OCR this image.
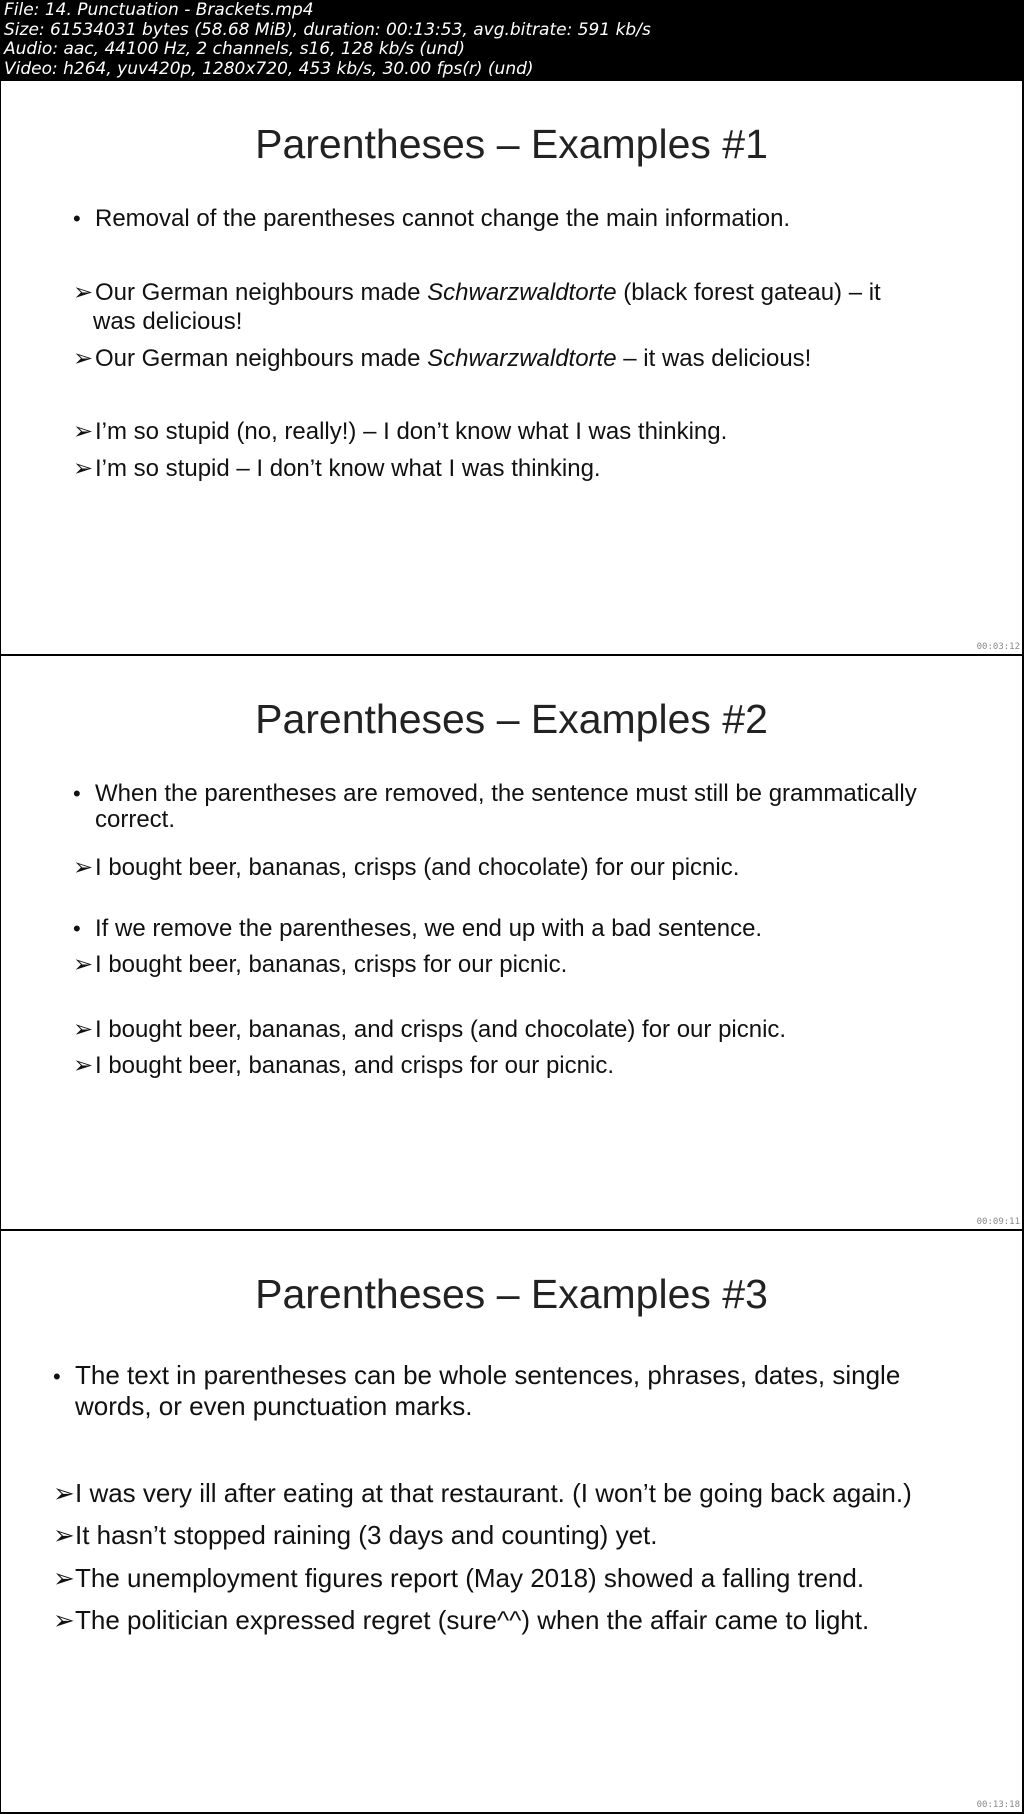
File: 14. Punctuation - Brackets.mp4
Size: 61534031 bytes (58.68 MiB), duration: 00:13:53, avg.bitrate: 591 kb/s
Audio: aac, 44100 Hz, 2 channels, s16, 128 kb/s (und)
Video: h264, yuv420p, 1280x720, 453 kb/s, 30.00 fps(r) (und)
Parentheses – Examples #1
• Removal of the parentheses cannot change the main information.
➢Our German neighbours made Schwarzwaldtorte (black forest gateau) – it
was delicious!
➢Our German neighbours made Schwarzwaldtorte – it was delicious!
➢I’m so stupid (no, really!) – I don’t know what I was thinking.
➢I’m so stupid – I don’t know what I was thinking.
00:03:12
Parentheses – Examples #2
• When the parentheses are removed, the sentence must still be grammatically
correct.
➢I bought beer, bananas, crisps (and chocolate) for our picnic.
• If we remove the parentheses, we end up with a bad sentence.
➢I bought beer, bananas, crisps for our picnic.
➢I bought beer, bananas, and crisps (and chocolate) for our picnic.
➢I bought beer, bananas, and crisps for our picnic.
00:09:11
Parentheses – Examples #3
• The text in parentheses can be whole sentences, phrases, dates, single
words, or even punctuation marks.
➢I was very ill after eating at that restaurant. (I won’t be going back again.)
➢It hasn’t stopped raining (3 days and counting) yet.
➢The unemployment figures report (May 2018) showed a falling trend.
➢The politician expressed regret (sure^^) when the affair came to light.
00:13:18
